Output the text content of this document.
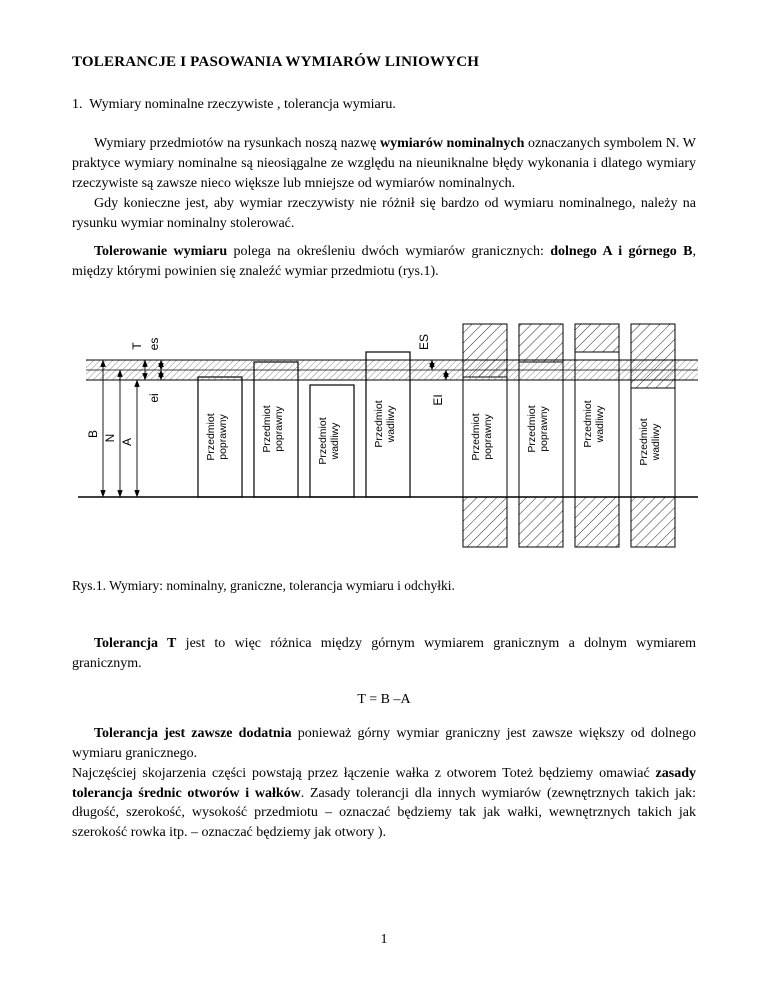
TOLERANCJE I PASOWANIA WYMIARÓW LINIOWYCH

1.  Wymiary nominalne rzeczywiste , tolerancja wymiaru.

Wymiary przedmiotów na rysunkach noszą nazwę wymiarów nominalnych oznaczanych symbolem N. W praktyce wymiary nominalne są nieosiągalne ze względu na nieuniknalne błędy wykonania i dlatego wymiary rzeczywiste są zawsze nieco większe lub mniejsze od wymiarów nominalnych.

Gdy konieczne jest, aby wymiar rzeczywisty nie różnił się bardzo od wymiaru nominalnego, należy na rysunku wymiar nominalny stolerować.

Tolerowanie wymiaru polega na określeniu dwóch wymiarów granicznych: dolnego A i górnego B, między którymi powinien się znaleźć wymiar przedmiotu (rys.1).

B N A
T es
ei
ES
EI
Przedmiot poprawny	Przedmiot poprawny	Przedmiot wadliwy	Przedmiot wadliwy	Przedmiot poprawny	Przedmiot poprawny	Przedmiot wadliwy	Przedmiot wadliwy

Rys.1. Wymiary: nominalny, graniczne, tolerancja wymiaru i odchyłki.

Tolerancja T jest to więc różnica między górnym wymiarem granicznym a dolnym wymiarem granicznym.

T = B –A

Tolerancja jest zawsze dodatnia ponieważ górny wymiar graniczny jest zawsze większy od dolnego wymiaru granicznego.

Najczęściej skojarzenia części powstają przez łączenie wałka z otworem Toteż będziemy omawiać zasady tolerancja średnic otworów i wałków. Zasady tolerancji dla innych wymiarów (zewnętrznych takich jak: długość, szerokość, wysokość przedmiotu – oznaczać będziemy tak jak wałki, wewnętrznych takich jak szerokość rowka itp. – oznaczać będziemy jak otwory ).

1
